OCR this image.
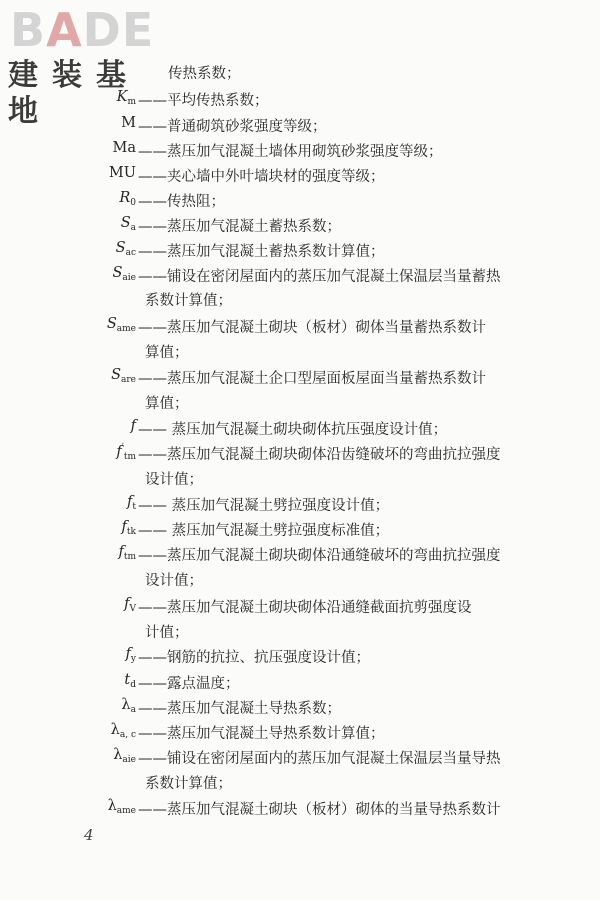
BADE
建装基地
传热系数；
$K_m$ ——平均传热系数；
M ——普通砌筑砂浆强度等级；
Ma ——蒸压加气混凝土墙体用砌筑砂浆强度等级；
MU ——夹心墙中外叶墙块材的强度等级；
$R_0$ ——传热阻；
$S_a$ ——蒸压加气混凝土蓄热系数；
$S_{ac}$ ——蒸压加气混凝土蓄热系数计算值；
$S_{aie}$ ——铺设在密闭屋面内的蒸压加气混凝土保温层当量蓄热
系数计算值；
$S_{ame}$ ——蒸压加气混凝土砌块（板材）砌体当量蓄热系数计
算值；
$S_{are}$ ——蒸压加气混凝土企口型屋面板屋面当量蓄热系数计
算值；
f —— 蒸压加气混凝土砌块砌体抗压强度设计值；
$f'_{tm}$ ——蒸压加气混凝土砌块砌体沿齿缝破坏的弯曲抗拉强度
设计值；
$f_t$ —— 蒸压加气混凝土劈拉强度设计值；
$f_{tk}$ —— 蒸压加气混凝土劈拉强度标准值；
$f_{tm}$ ——蒸压加气混凝土砌块砌体沿通缝破坏的弯曲抗拉强度
设计值；
$f_V$ ——蒸压加气混凝土砌块砌体沿通缝截面抗剪强度设
计值；
$f_y$ ——钢筋的抗拉、抗压强度设计值；
$t_d$ ——露点温度；
$\lambda_a$ ——蒸压加气混凝土导热系数；
$\lambda_{a, c}$ ——蒸压加气混凝土导热系数计算值；
$\lambda_{aie}$ ——铺设在密闭屋面内的蒸压加气混凝土保温层当量导热
系数计算值；
$\lambda_{ame}$ ——蒸压加气混凝土砌块（板材）砌体的当量导热系数计
4
